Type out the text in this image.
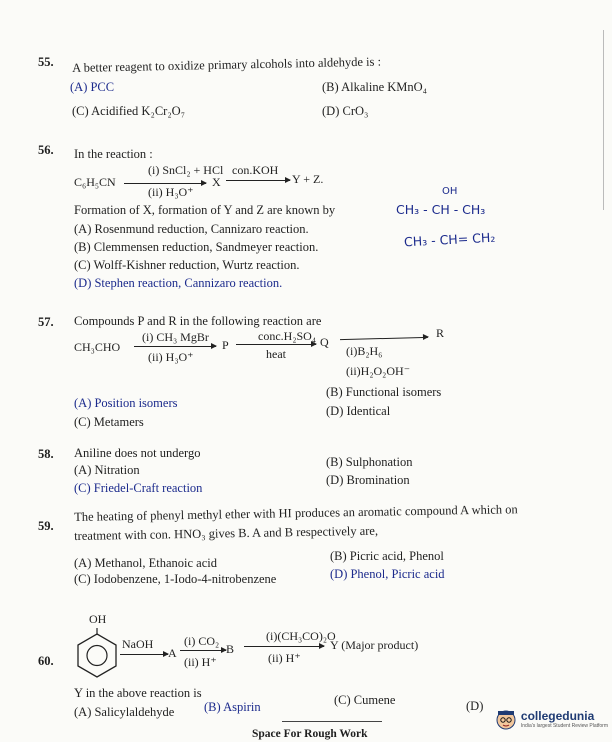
55. A better reagent to oxidize primary alcohols into aldehyde is :
(A) PCC	(B) Alkaline KMnO₄
(C) Acidified K₂Cr₂O₇	(D) CrO₃
56. In the reaction :
C₆H₅CN
(i) SnCl₂ + HCl
(ii) H₃O⁺
X
con.KOH
→ Y + Z.
Formation of X, formation of Y and Z are known by
(A) Rosenmund reduction, Cannizaro reaction.
(B) Clemmensen reduction, Sandmeyer reaction.
(C) Wolff-Kishner reduction, Wurtz reaction.
(D) Stephen reaction, Cannizaro reaction.
OH
CH₃ - CH - CH₃
CH₃ - CH= CH₂
57. Compounds P and R in the following reaction are
CH₃CHO
(i) CH₃ MgBr
(ii) H₃O⁺
P
conc.H₂SO₄
heat
Q
R
(i)B₂H₆
(ii)H₂O₂OH⁻
(A) Position isomers
(B) Functional isomers
(C) Metamers
(D) Identical
58. Aniline does not undergo
(A) Nitration
(B) Sulphonation
(C) Friedel-Craft reaction
(D) Bromination
59.
The heating of phenyl methyl ether with HI produces an aromatic compound A which on
treatment with con. HNO₃ gives B. A and B respectively are,
(A) Methanol, Ethanoic acid	(B) Picric acid, Phenol
(C) Iodobenzene, 1-Iodo-4-nitrobenzene	(D) Phenol, Picric acid
60.
OH
NaOH
→ A
(i) CO₂
(ii) H⁺
B
(i)(CH₃CO)₂O
(ii) H⁺
Y (Major product)
Y in the above reaction is
(A) Salicylaldehyde (B) Aspirin	(C) Cumene	(D)
Space For Rough Work
collegedunia
India's largest Student Review Platform
